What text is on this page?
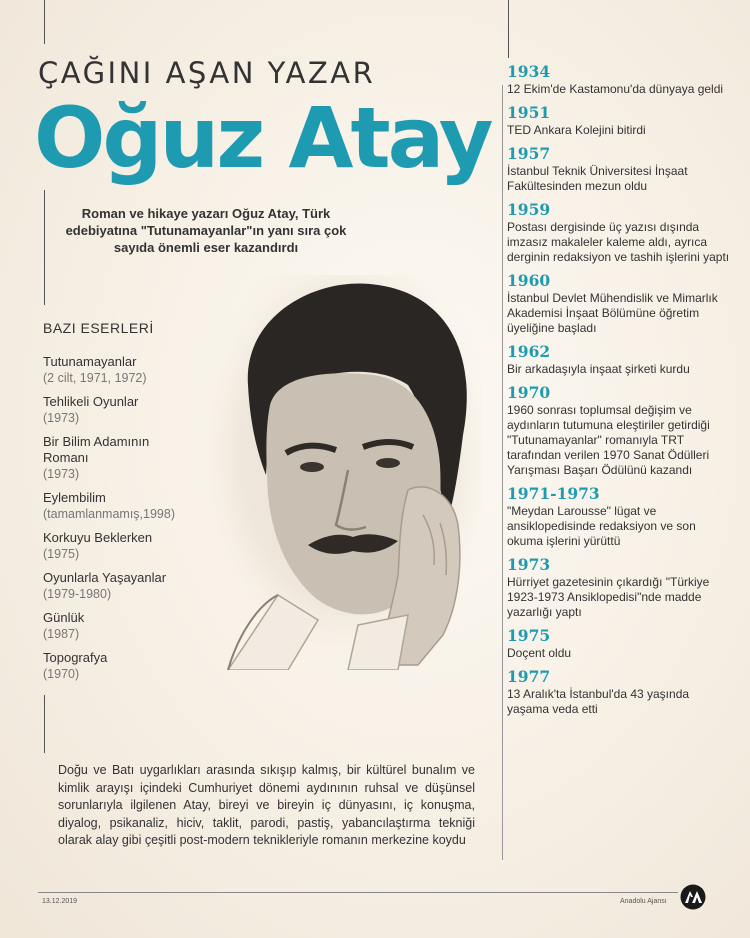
ÇAĞINI AŞAN YAZAR
Oğuz Atay
Roman ve hikaye yazarı Oğuz Atay, Türk edebiyatına "Tutunamayanlar"ın yanı sıra çok sayıda önemli eser kazandırdı
BAZI ESERLERİ
Tutunamayanlar
(2 cilt, 1971, 1972)
Tehlikeli Oyunlar
(1973)
Bir Bilim Adamının Romanı
(1973)
Eylembilim
(tamamlanmamış,1998)
Korkuyu Beklerken
(1975)
Oyunlarla Yaşayanlar
(1979-1980)
Günlük
(1987)
Topografya
(1970)
Doğu ve Batı uygarlıkları arasında sıkışıp kalmış, bir kültürel bunalım ve kimlik arayışı içindeki Cumhuriyet dönemi aydınının ruhsal ve düşünsel sorunlarıyla ilgilenen Atay, bireyi ve bireyin iç dünyasını, iç konuşma, diyalog, psikanaliz, hiciv, taklit, parodi, pastiş, yabancılaştırma tekniği olarak alay gibi çeşitli post-modern teknikleriyle romanın merkezine koydu
1934
12 Ekim'de Kastamonu'da dünyaya geldi
1951
TED Ankara Kolejini bitirdi
1957
İstanbul Teknik Üniversitesi İnşaat Fakültesinden mezun oldu
1959
Postası dergisinde üç yazısı dışında imzasız makaleler kaleme aldı, ayrıca derginin redaksiyon ve tashih işlerini yaptı
1960
İstanbul Devlet Mühendislik ve Mimarlık Akademisi İnşaat Bölümüne öğretim üyeliğine başladı
1962
Bir arkadaşıyla inşaat şirketi kurdu
1970
1960 sonrası toplumsal değişim ve aydınların tutumuna eleştiriler getirdiği "Tutunamayanlar" romanıyla TRT tarafından verilen 1970 Sanat Ödülleri Yarışması Başarı Ödülünü kazandı
1971-1973
"Meydan Larousse" lügat ve ansiklopedisinde redaksiyon ve son okuma işlerini yürüttü
1973
Hürriyet gazetesinin çıkardığı "Türkiye 1923-1973 Ansiklopedisi"nde madde yazarlığı yaptı
1975
Doçent oldu
1977
13 Aralık'ta İstanbul'da 43 yaşında yaşama veda etti
13.12.2019	Anadolu Ajansı
